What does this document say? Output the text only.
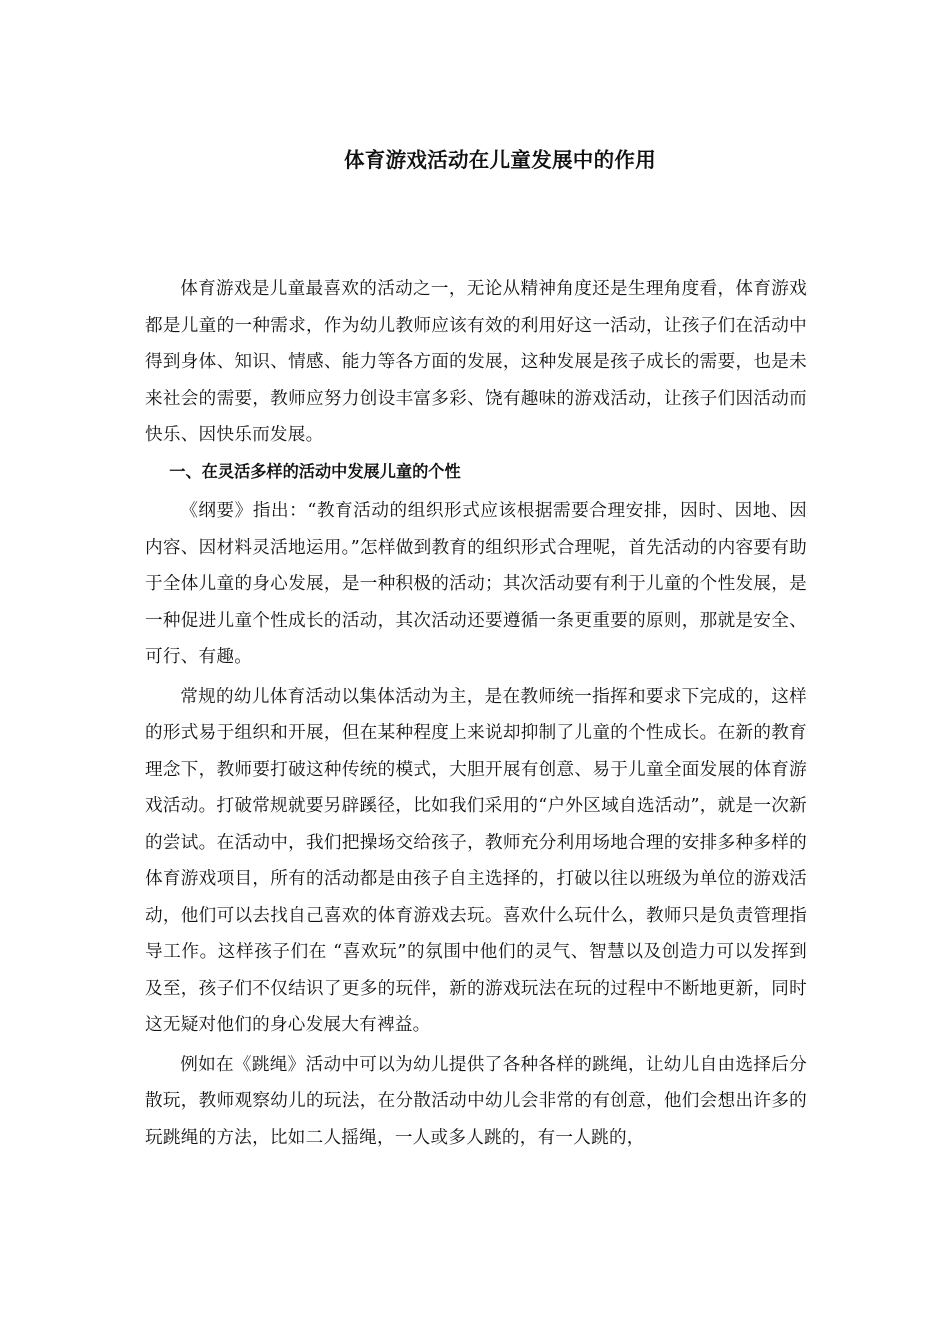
体育游戏活动在儿童发展中的作用

体育游戏是儿童最喜欢的活动之一，无论从精神角度还是生理角度看，体育游戏都是儿童的一种需求，作为幼儿教师应该有效的利用好这一活动，让孩子们在活动中得到身体、知识、情感、能力等各方面的发展，这种发展是孩子成长的需要，也是未来社会的需要，教师应努力创设丰富多彩、饶有趣味的游戏活动，让孩子们因活动而快乐、因快乐而发展。

一、在灵活多样的活动中发展儿童的个性

《纲要》指出：“教育活动的组织形式应该根据需要合理安排，因时、因地、因内容、因材料灵活地运用。”怎样做到教育的组织形式合理呢，首先活动的内容要有助于全体儿童的身心发展，是一种积极的活动；其次活动要有利于儿童的个性发展，是一种促进儿童个性成长的活动，其次活动还要遵循一条更重要的原则，那就是安全、可行、有趣。

常规的幼儿体育活动以集体活动为主，是在教师统一指挥和要求下完成的，这样的形式易于组织和开展，但在某种程度上来说却抑制了儿童的个性成长。在新的教育理念下，教师要打破这种传统的模式，大胆开展有创意、易于儿童全面发展的体育游戏活动。打破常规就要另辟蹊径，比如我们采用的“户外区域自选活动”，就是一次新的尝试。在活动中，我们把操场交给孩子，教师充分利用场地合理的安排多种多样的体育游戏项目，所有的活动都是由孩子自主选择的，打破以往以班级为单位的游戏活动，他们可以去找自己喜欢的体育游戏去玩。喜欢什么玩什么，教师只是负责管理指导工作。这样孩子们在 “喜欢玩”的氛围中他们的灵气、智慧以及创造力可以发挥到及至，孩子们不仅结识了更多的玩伴，新的游戏玩法在玩的过程中不断地更新，同时这无疑对他们的身心发展大有裨益。

例如在《跳绳》活动中可以为幼儿提供了各种各样的跳绳，让幼儿自由选择后分散玩，教师观察幼儿的玩法，在分散活动中幼儿会非常的有创意，他们会想出许多的玩跳绳的方法，比如二人摇绳，一人或多人跳的，有一人跳的，
